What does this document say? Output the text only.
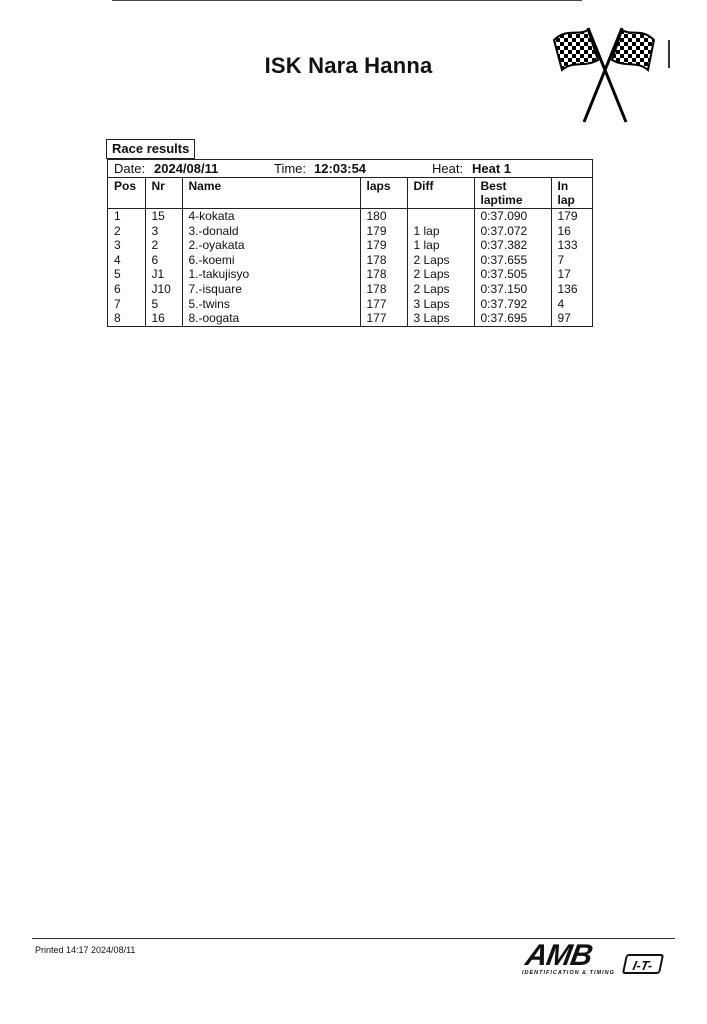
ISK Nara Hanna
Race results
Date: 2024/08/11	Time: 12:03:54	Heat: Heat 1
Pos	Nr	Name	laps	Diff	Best laptime	In lap
1	15	4-kokata	180		0:37.090	179
2	3	3.-donald	179	1 lap	0:37.072	16
3	2	2.-oyakata	179	1 lap	0:37.382	133
4	6	6.-koemi	178	2 Laps	0:37.655	7
5	J1	1.-takujisyo	178	2 Laps	0:37.505	17
6	J10	7.-isquare	178	2 Laps	0:37.150	136
7	5	5.-twins	177	3 Laps	0:37.792	4
8	16	8.-oogata	177	3 Laps	0:37.695	97
Printed 14:17 2024/08/11	AMB	I-T-
IDENTIFICATION & TIMING
